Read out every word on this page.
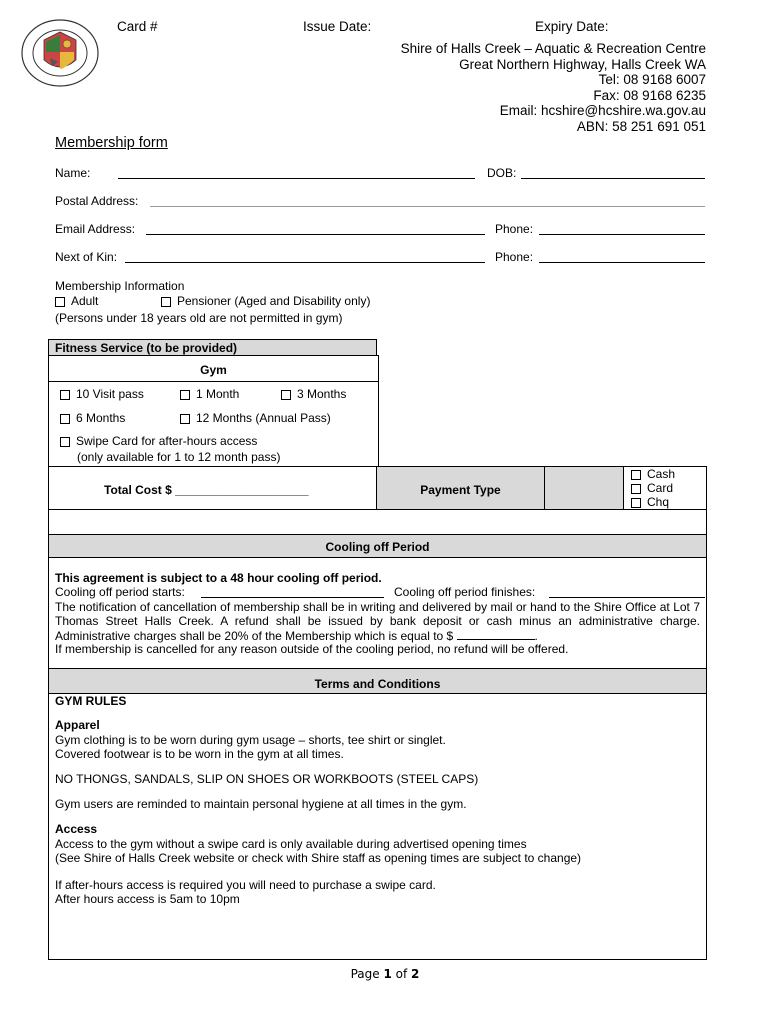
Card #	Issue Date:	Expiry Date:
Shire of Halls Creek – Aquatic & Recreation Centre
Great Northern Highway, Halls Creek WA
Tel: 08 9168 6007
Fax: 08 9168 6235
Email: hcshire@hcshire.wa.gov.au
ABN: 58 251 691 051
Membership form
Name:	DOB:
Postal Address:
Email Address:	Phone:
Next of Kin:	Phone:
Membership Information
Adult	Pensioner (Aged and Disability only)
(Persons under 18 years old are not permitted in gym)
Fitness Service (to be provided)
Gym
10 Visit pass	1 Month	3 Months
6 Months	12 Months (Annual Pass)
Swipe Card for after-hours access
(only available for 1 to 12 month pass)
Total Cost $ ____________________	Payment Type
Cash
Card
Chq
Cooling off Period
This agreement is subject to a 48 hour cooling off period.
Cooling off period starts:	Cooling off period finishes:
The notification of cancellation of membership shall be in writing and delivered by mail or hand to the Shire Office at Lot 7 Thomas Street Halls Creek. A refund shall be issued by bank deposit or cash minus an administrative charge. Administrative charges shall be 20% of the Membership which is equal to $	.
If membership is cancelled for any reason outside of the cooling period, no refund will be offered.
Terms and Conditions
GYM RULES
Apparel
Gym clothing is to be worn during gym usage – shorts, tee shirt or singlet.
Covered footwear is to be worn in the gym at all times.
NO THONGS, SANDALS, SLIP ON SHOES OR WORKBOOTS (STEEL CAPS)
Gym users are reminded to maintain personal hygiene at all times in the gym.
Access
Access to the gym without a swipe card is only available during advertised opening times
(See Shire of Halls Creek website or check with Shire staff as opening times are subject to change)
If after-hours access is required you will need to purchase a swipe card.
After hours access is 5am to 10pm
Page 1 of 2
